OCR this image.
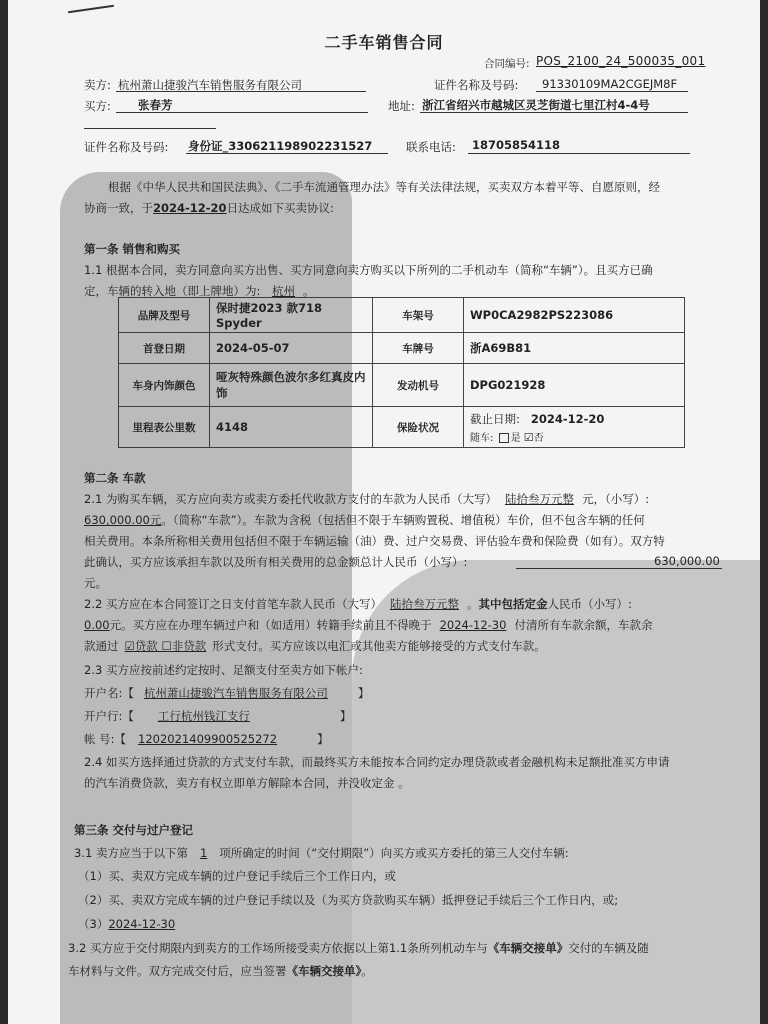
二手车销售合同
合同编号: POS_2100_24_500035_001
卖方: 杭州萧山捷骏汽车销售服务有限公司	证件名称及号码: 91330109MA2CGEJM8F
买方: 张春芳	地址: 浙江省绍兴市越城区灵芝街道七里江村4-4号
证件名称及号码: 身份证_330621198902231527	联系电话: 18705854118
根据《中华人民共和国民法典》、《二手车流通管理办法》等有关法律法规，买卖双方本着平等、自愿原则，经
协商一致，于2024-12-20日达成如下买卖协议:
第一条 销售和购买
1.1 根据本合同，卖方同意向买方出售、买方同意向卖方购买以下所列的二手机动车（简称“车辆”）。且买方已确
定，车辆的转入地（即上牌地）为: 杭州 。
品牌及型号	保时捷2023 款718 Spyder	车架号	WP0CA2982PS223086
首登日期	2024-05-07	车牌号	浙A69B81
车身内饰颜色	哑灰特殊颜色波尔多红真皮内饰	发动机号	DPG021928
里程表公里数	4148	保险状况	截止日期: 2024-12-20
随车: 是 ☑否
第二条 车款
2.1 为购买车辆，买方应向卖方或卖方委托代收款方支付的车款为人民币（大写） 陆拾叁万元整 元，（小写）:
630,000.00元。（简称“车款”）。车款为含税（包括但不限于车辆购置税、增值税）车价，但不包含车辆的任何
相关费用。本条所称相关费用包括但不限于车辆运输（油）费、过户交易费、评估验车费和保险费（如有）。双方特
此确认，买方应该承担车款以及所有相关费用的总金额总计人民币（小写）:	630,000.00
元。
2.2 买方应在本合同签订之日支付首笔车款人民币（大写） 陆拾叁万元整 。其中包括定金人民币（小写）:
0.00元。买方应在办理车辆过户和（如适用）转籍手续前且不得晚于 2024-12-30 付清所有车款余额，车款余
款通过 ☑贷款 ☐非贷款 形式支付。买方应该以电汇或其他卖方能够接受的方式支付车款。
2.3 买方应按前述约定按时、足额支付至卖方如下帐户:
开户名:【 杭州萧山捷骏汽车销售服务有限公司	】
开户行:【 工行杭州钱江支行	】
帐 号:【 1202021409900525272	】
2.4 如买方选择通过贷款的方式支付车款，而最终买方未能按本合同约定办理贷款或者金融机构未足额批准买方申请
的汽车消费贷款，卖方有权立即单方解除本合同，并没收定金 。
第三条 交付与过户登记
3.1 卖方应当于以下第 1 项所确定的时间（“交付期限”）向买方或买方委托的第三人交付车辆:
（1）买、卖双方完成车辆的过户登记手续后三个工作日内，或
（2）买、卖双方完成车辆的过户登记手续以及（为买方贷款购买车辆）抵押登记手续后三个工作日内，或;
（3）2024-12-30
3.2 买方应于交付期限内到卖方的工作场所接受卖方依据以上第1.1条所列机动车与《车辆交接单》交付的车辆及随
车材料与文件。双方完成交付后，应当签署《车辆交接单》。
